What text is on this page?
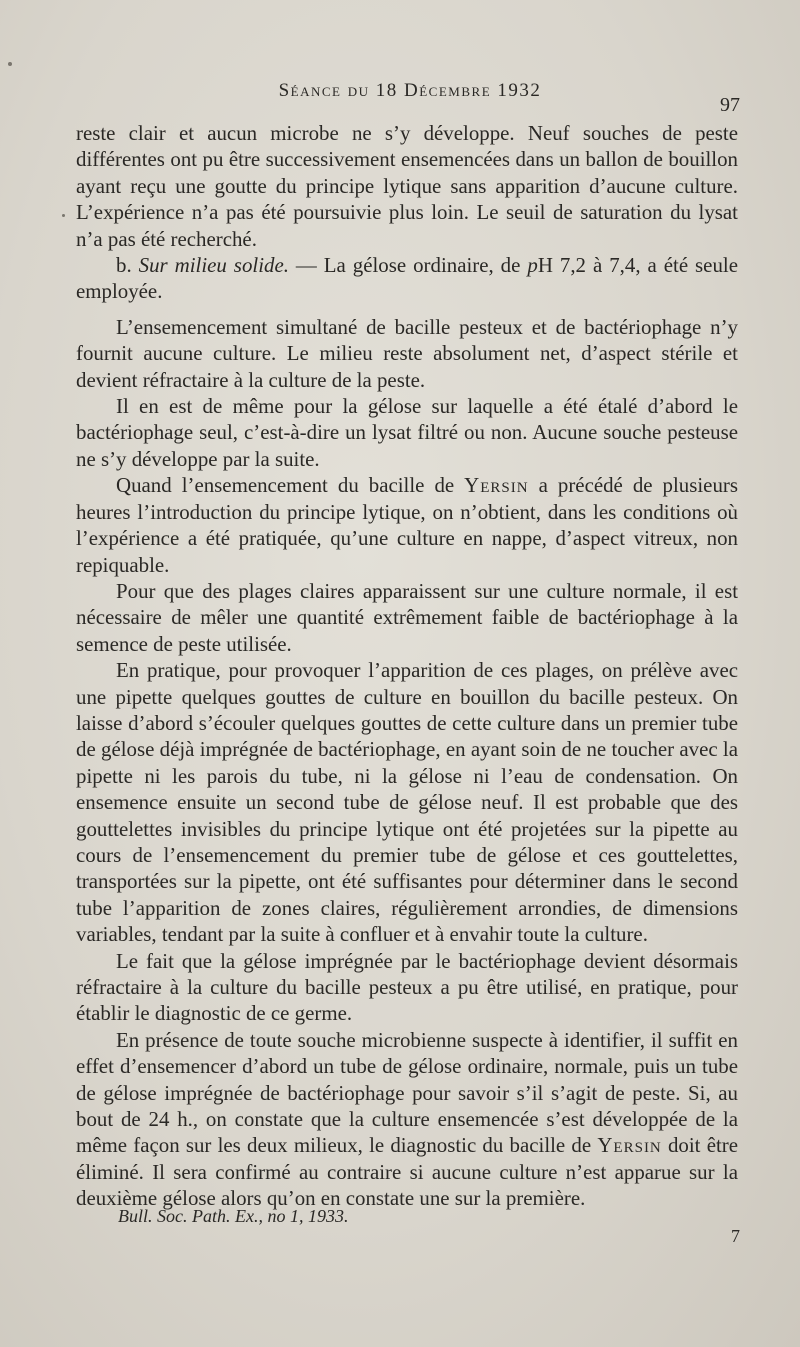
Séance du 18 Décembre 1932
97

reste clair et aucun microbe ne s’y développe. Neuf souches de peste différentes ont pu être successivement ensemencées dans un ballon de bouillon ayant reçu une goutte du principe lytique sans apparition d’aucune culture. L’expérience n’a pas été poursuivie plus loin. Le seuil de saturation du lysat n’a pas été recherché.

b. Sur milieu solide. — La gélose ordinaire, de pH 7,2 à 7,4, a été seule employée.

L’ensemencement simultané de bacille pesteux et de bactériophage n’y fournit aucune culture. Le milieu reste absolument net, d’aspect stérile et devient réfractaire à la culture de la peste.

Il en est de même pour la gélose sur laquelle a été étalé d’abord le bactériophage seul, c’est-à-dire un lysat filtré ou non. Aucune souche pesteuse ne s’y développe par la suite.

Quand l’ensemencement du bacille de Yersin a précédé de plusieurs heures l’introduction du principe lytique, on n’obtient, dans les conditions où l’expérience a été pratiquée, qu’une culture en nappe, d’aspect vitreux, non repiquable.

Pour que des plages claires apparaissent sur une culture normale, il est nécessaire de mêler une quantité extrêmement faible de bactériophage à la semence de peste utilisée.

En pratique, pour provoquer l’apparition de ces plages, on prélève avec une pipette quelques gouttes de culture en bouillon du bacille pesteux. On laisse d’abord s’écouler quelques gouttes de cette culture dans un premier tube de gélose déjà imprégnée de bactériophage, en ayant soin de ne toucher avec la pipette ni les parois du tube, ni la gélose ni l’eau de condensation. On ensemence ensuite un second tube de gélose neuf. Il est probable que des gouttelettes invisibles du principe lytique ont été projetées sur la pipette au cours de l’ensemencement du premier tube de gélose et ces gouttelettes, transportées sur la pipette, ont été suffisantes pour déterminer dans le second tube l’apparition de zones claires, régulièrement arrondies, de dimensions variables, tendant par la suite à confluer et à envahir toute la culture.

Le fait que la gélose imprégnée par le bactériophage devient désormais réfractaire à la culture du bacille pesteux a pu être utilisé, en pratique, pour établir le diagnostic de ce germe.

En présence de toute souche microbienne suspecte à identifier, il suffit en effet d’ensemencer d’abord un tube de gélose ordinaire, normale, puis un tube de gélose imprégnée de bactériophage pour savoir s’il s’agit de peste. Si, au bout de 24 h., on constate que la culture ensemencée s’est développée de la même façon sur les deux milieux, le diagnostic du bacille de Yersin doit être éliminé. Il sera confirmé au contraire si aucune culture n’est apparue sur la deuxième gélose alors qu’on en constate une sur la première.

Bull. Soc. Path. Ex., no 1, 1933.
7
